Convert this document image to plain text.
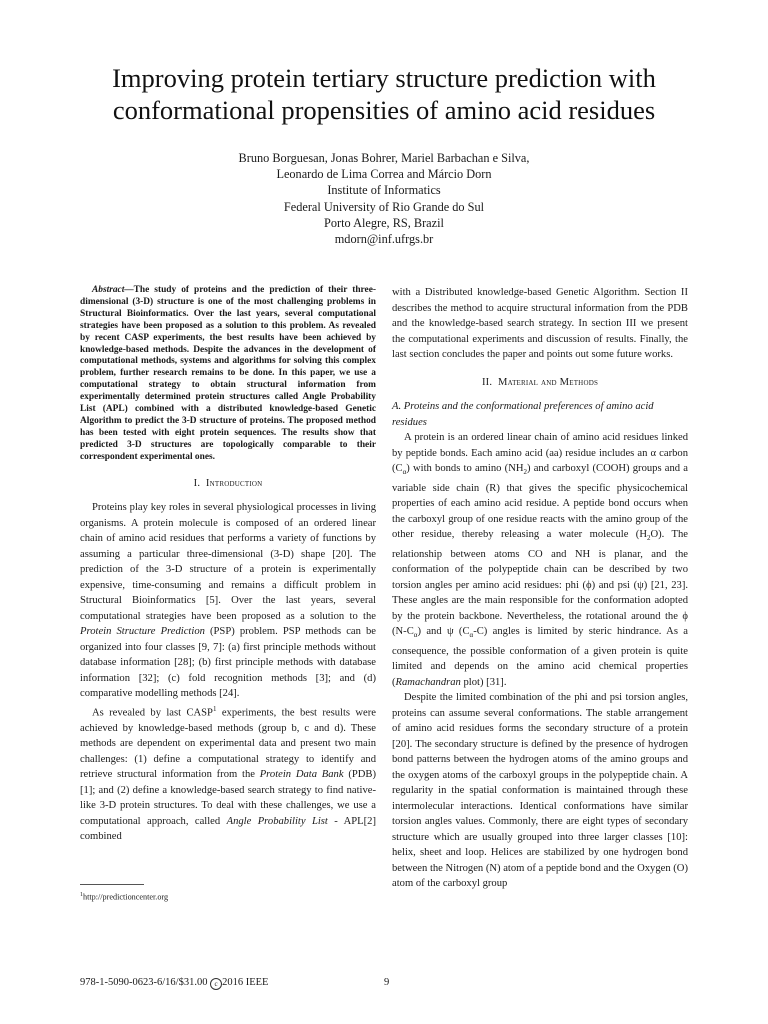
Improving protein tertiary structure prediction with
conformational propensities of amino acid residues
Bruno Borguesan, Jonas Bohrer, Mariel Barbachan e Silva,
Leonardo de Lima Correa and Márcio Dorn
Institute of Informatics
Federal University of Rio Grande do Sul
Porto Alegre, RS, Brazil
mdorn@inf.ufrgs.br

Abstract—The study of proteins and the prediction of their three-dimensional (3-D) structure is one of the most challenging problems in Structural Bioinformatics. Over the last years, several computational strategies have been proposed as a solution to this problem. As revealed by recent CASP experiments, the best results have been achieved by knowledge-based methods. Despite the advances in the development of computational methods, systems and algorithms for solving this complex problem, further research remains to be done. In this paper, we use a computational strategy to obtain structural information from experimentally determined protein structures called Angle Probability List (APL) combined with a distributed knowledge-based Genetic Algorithm to predict the 3-D structure of proteins. The proposed method has been tested with eight protein sequences. The results show that predicted 3-D structures are topologically comparable to their correspondent experimental ones.

I. Introduction

Proteins play key roles in several physiological processes in living organisms. A protein molecule is composed of an ordered linear chain of amino acid residues that performs a variety of functions by assuming a particular three-dimensional (3-D) shape [20]. The prediction of the 3-D structure of a protein is experimentally expensive, time-consuming and remains a difficult problem in Structural Bioinformatics [5]. Over the last years, several computational strategies have been proposed as a solution to the Protein Structure Prediction (PSP) problem. PSP methods can be organized into four classes [9, 7]: (a) first principle methods without database information [28]; (b) first principle methods with database information [32]; (c) fold recognition methods [3]; and (d) comparative modelling methods [24].

As revealed by last CASP$^1$ experiments, the best results were achieved by knowledge-based methods (group b, c and d). These methods are dependent on experimental data and present two main challenges: (1) define a computational strategy to identify and retrieve structural information from the Protein Data Bank (PDB) [1]; and (2) define a knowledge-based search strategy to find native-like 3-D protein structures. To deal with these challenges, we use a computational approach, called Angle Probability List - APL[2] combined

$^1$http://predictioncenter.org

with a Distributed knowledge-based Genetic Algorithm. Section II describes the method to acquire structural information from the PDB and the knowledge-based search strategy. In section III we present the computational experiments and discussion of results. Finally, the last section concludes the paper and points out some future works.

II. Material and Methods

A. Proteins and the conformational preferences of amino acid residues

A protein is an ordered linear chain of amino acid residues linked by peptide bonds. Each amino acid (aa) residue includes an α carbon $(C_\alpha)$ with bonds to amino $(NH_2)$ and carboxyl (COOH) groups and a variable side chain (R) that gives the specific physicochemical properties of each amino acid residue. A peptide bond occurs when the carboxyl group of one residue reacts with the amino group of the other residue, thereby releasing a water molecule $(H_2O)$. The relationship between atoms CO and NH is planar, and the conformation of the polypeptide chain can be described by two torsion angles per amino acid residues: phi (ϕ) and psi (ψ) [21, 23]. These angles are the main responsible for the conformation adopted by the protein backbone. Nevertheless, the rotational around the ϕ $(N-C_\alpha)$ and ψ $(C_\alpha-C)$ angles is limited by steric hindrance. As a consequence, the possible conformation of a given protein is quite limited and depends on the amino acid chemical properties (Ramachandran plot) [31].

Despite the limited combination of the phi and psi torsion angles, proteins can assume several conformations. The stable arrangement of amino acid residues forms the secondary structure of a protein [20]. The secondary structure is defined by the presence of hydrogen bond patterns between the hydrogen atoms of the amino groups and the oxygen atoms of the carboxyl groups in the polypeptide chain. A regularity in the spatial conformation is maintained through these intermolecular interactions. Identical conformations have similar torsion angles values. Commonly, there are eight types of secondary structure which are usually grouped into three larger classes [10]: helix, sheet and loop. Helices are stabilized by one hydrogen bond between the Nitrogen (N) atom of a peptide bond and the Oxygen (O) atom of the carboxyl group

978-1-5090-0623-6/16/$31.00 c 2016 IEEE	9
